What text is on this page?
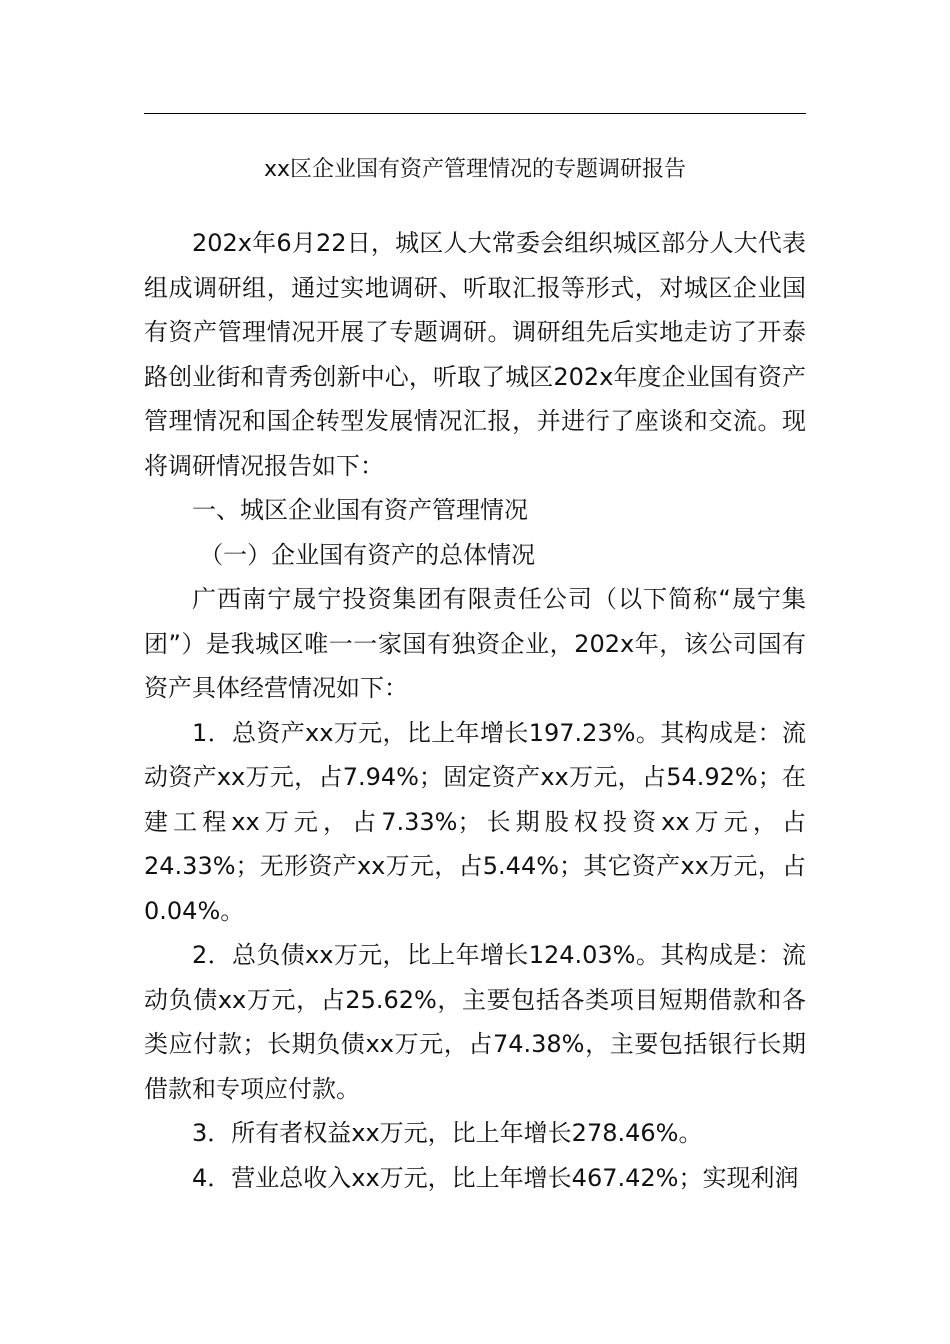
xx区企业国有资产管理情况的专题调研报告

202x年6月22日，城区人大常委会组织城区部分人大代表组成调研组，通过实地调研、听取汇报等形式，对城区企业国有资产管理情况开展了专题调研。调研组先后实地走访了开泰路创业街和青秀创新中心，听取了城区202x年度企业国有资产管理情况和国企转型发展情况汇报，并进行了座谈和交流。现将调研情况报告如下：

一、城区企业国有资产管理情况

（一）企业国有资产的总体情况

广西南宁晟宁投资集团有限责任公司（以下简称“晟宁集团”）是我城区唯一一家国有独资企业，202x年，该公司国有资产具体经营情况如下：

1．总资产xx万元，比上年增长197.23%。其构成是：流动资产xx万元，占7.94%；固定资产xx万元，占54.92%；在建工程xx万元，占7.33%；长期股权投资xx万元，占24.33%；无形资产xx万元，占5.44%；其它资产xx万元，占0.04%。

2．总负债xx万元，比上年增长124.03%。其构成是：流动负债xx万元，占25.62%，主要包括各类项目短期借款和各类应付款；长期负债xx万元，占74.38%，主要包括银行长期借款和专项应付款。

3．所有者权益xx万元，比上年增长278.46%。

4．营业总收入xx万元，比上年增长467.42%；实现利润
